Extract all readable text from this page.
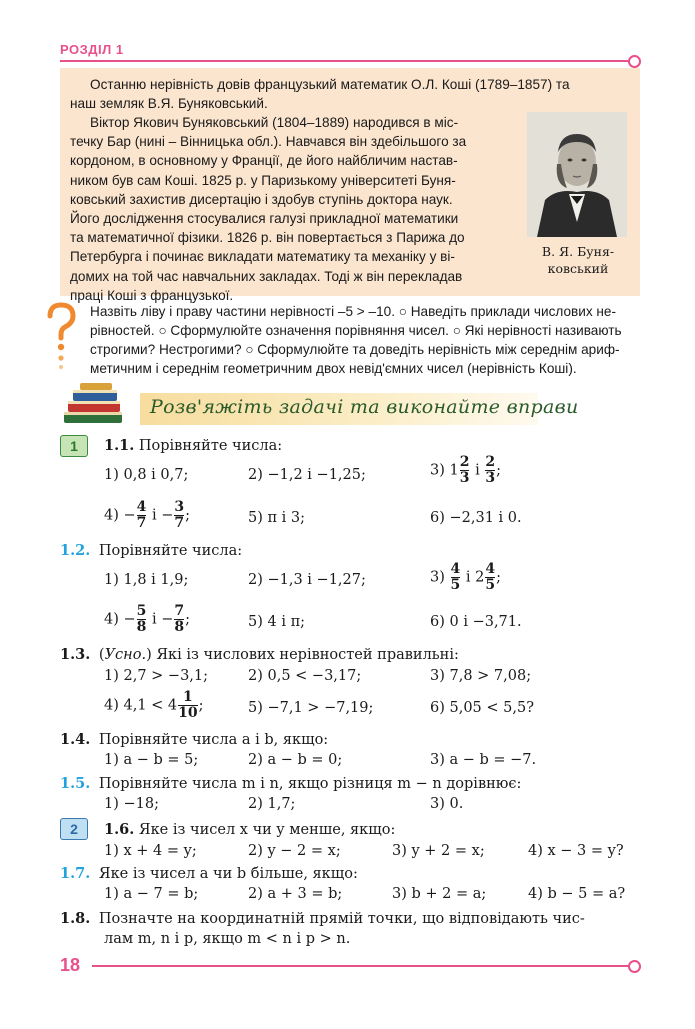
РОЗДІЛ 1
Останню нерівність довів французький математик О.Л. Коші (1789–1857) та
наш земляк В.Я. Буняковський.
Віктор Якович Буняковський (1804–1889) народився в міс-
течку Бар (нині – Вінницька обл.). Навчався він здебільшого за
кордоном, в основному у Франції, де його найбличим настав-
ником був сам Коші. 1825 р. у Паризькому університеті Буня-
ковський захистив дисертацію і здобув ступінь доктора наук.
Його дослідження стосувалися галузі прикладної математики
та математичної фізики. 1826 р. він повертається з Парижа до
Петербурга і починає викладати математику та механіку у ві-
домих на той час навчальних закладах. Тоді ж він перекладав
праці Коші з французької.
В. Я. Буня-
ковський
Назвіть ліву і праву частини нерівності –5 > –10. ○ Наведіть приклади числових не-
рівностей. ○ Сформулюйте означення порівняння чисел. ○ Які нерівності називають
строгими? Нестрогими? ○ Сформулюйте та доведіть нерівність між середнім ариф-
метичним і середнім геометричним двох невід'ємних чисел (нерівність Коші).
Розв'яжіть задачі та виконайте вправи
1	1.1. Порівняйте числа:
1) 0,8 і 0,7;	2) −1,2 і −1,25;	3) $1 \frac{2}{3}$ і $\frac{2}{3}$ ;
$4) - \frac{4}{7}$ $і - \frac{3}{7}$ ;	5) π і 3;	6) −2,31 і 0.
1.2. Порівняйте числа:
1) 1,8 і 1,9;	2) −1,3 і −1,27;	$3) \frac{4}{5}$ і $2 \frac{4}{5}$ ;
$4) - \frac{5}{8}$ $і - \frac{7}{8}$ ;	5) 4 і π;	6) 0 і −3,71.
1.3. (Усно.) Які із числових нерівностей правильні:
1) 2,7 > −3,1;	2) 0,5 < −3,17;	3) 7,8 > 7,08;
4) $4,1 < 4 \frac{1}{10}$ ;	5) −7,1 > −7,19;	6) 5,05 < 5,5?
1.4. Порівняйте числа a і b, якщо:
1) a − b = 5;	2) a − b = 0;	3) a − b = −7.
1.5. Порівняйте числа m і n, якщо різниця m − n дорівнює:
1) −18;	2) 1,7;	3) 0.
2	1.6. Яке із чисел x чи y менше, якщо:
1) x + 4 = y;	2) y − 2 = x;	3) y + 2 = x;	4) x − 3 = y?
1.7. Яке із чисел a чи b більше, якщо:
1) a − 7 = b;	2) a + 3 = b;	3) b + 2 = a;	4) b − 5 = a?
1.8. Позначте на координатній прямій точки, що відповідають чис-
лам m, n і p, якщо m < n і p > n.
18
